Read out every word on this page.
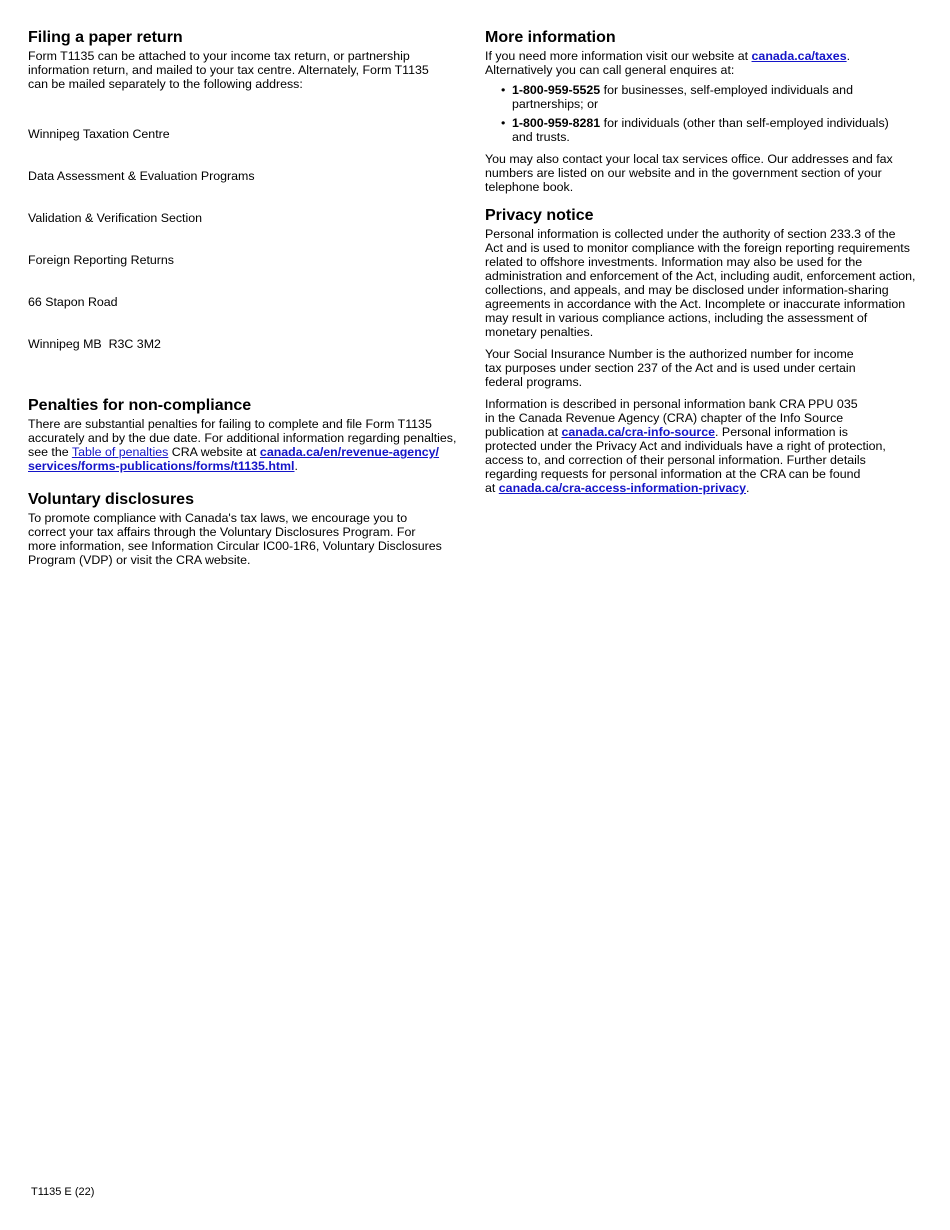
Filing a paper return

Form T1135 can be attached to your income tax return, or partnership
information return, and mailed to your tax centre. Alternately, Form T1135
can be mailed separately to the following address:

Winnipeg Taxation Centre

Data Assessment & Evaluation Programs

Validation & Verification Section

Foreign Reporting Returns

66 Stapon Road

Winnipeg MB  R3C 3M2

Penalties for non-compliance

There are substantial penalties for failing to complete and file Form T1135
accurately and by the due date. For additional information regarding penalties,
see the Table of penalties CRA website at canada.ca/en/revenue-agency/
services/forms-publications/forms/t1135.html.

Voluntary disclosures

To promote compliance with Canada's tax laws, we encourage you to
correct your tax affairs through the Voluntary Disclosures Program. For
more information, see Information Circular IC00-1R6, Voluntary Disclosures
Program (VDP) or visit the CRA website.

More information

If you need more information visit our website at canada.ca/taxes.
Alternatively you can call general enquires at:

• 1-800-959-5525 for businesses, self-employed individuals and
partnerships; or
• 1-800-959-8281 for individuals (other than self-employed individuals)
and trusts.

You may also contact your local tax services office. Our addresses and fax
numbers are listed on our website and in the government section of your
telephone book.

Privacy notice

Personal information is collected under the authority of section 233.3 of the
Act and is used to monitor compliance with the foreign reporting requirements
related to offshore investments. Information may also be used for the
administration and enforcement of the Act, including audit, enforcement action,
collections, and appeals, and may be disclosed under information-sharing
agreements in accordance with the Act. Incomplete or inaccurate information
may result in various compliance actions, including the assessment of
monetary penalties.

Your Social Insurance Number is the authorized number for income
tax purposes under section 237 of the Act and is used under certain
federal programs.

Information is described in personal information bank CRA PPU 035
in the Canada Revenue Agency (CRA) chapter of the Info Source
publication at canada.ca/cra-info-source. Personal information is
protected under the Privacy Act and individuals have a right of protection,
access to, and correction of their personal information. Further details
regarding requests for personal information at the CRA can be found
at canada.ca/cra-access-information-privacy.

T1135 E (22)
